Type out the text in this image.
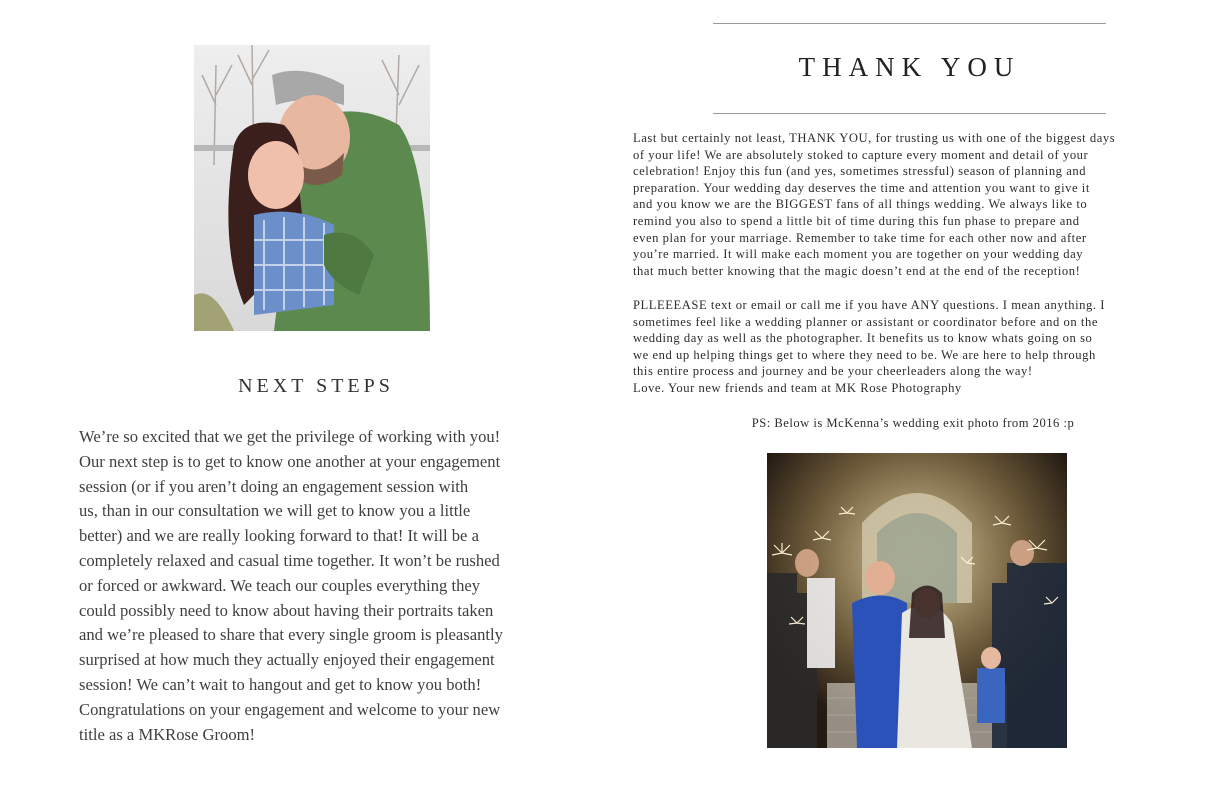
NEXT STEPS

We’re so excited that we get the privilege of working with you!
Our next step is to get to know one another at your engagement
session (or if you aren’t doing an engagement session with
us, than in our consultation we will get to know you a little
better) and we are really looking forward to that! It will be a
completely relaxed and casual time together. It won’t be rushed
or forced or awkward. We teach our couples everything they
could possibly need to know about having their portraits taken
and we’re pleased to share that every single groom is pleasantly
surprised at how much they actually enjoyed their engagement
session! We can’t wait to hangout and get to know you both!
Congratulations on your engagement and welcome to your new
title as a MKRose Groom!

THANK YOU

Last but certainly not least, THANK YOU, for trusting us with one of the biggest days
of your life! We are absolutely stoked to capture every moment and detail of your
celebration! Enjoy this fun (and yes, sometimes stressful) season of planning and
preparation. Your wedding day deserves the time and attention you want to give it
and you know we are the BIGGEST fans of all things wedding. We always like to
remind you also to spend a little bit of time during this fun phase to prepare and
even plan for your marriage. Remember to take time for each other now and after
you’re married. It will make each moment you are together on your wedding day
that much better knowing that the magic doesn’t end at the end of the reception!

PLLEEEASE text or email or call me if you have ANY questions. I mean anything. I
sometimes feel like a wedding planner or assistant or coordinator before and on the
wedding day as well as the photographer. It benefits us to know whats going on so
we end up helping things get to where they need to be. We are here to help through
this entire process and journey and be your cheerleaders along the way!
Love. Your new friends and team at MK Rose Photography

PS: Below is McKenna’s wedding exit photo from 2016 :p
